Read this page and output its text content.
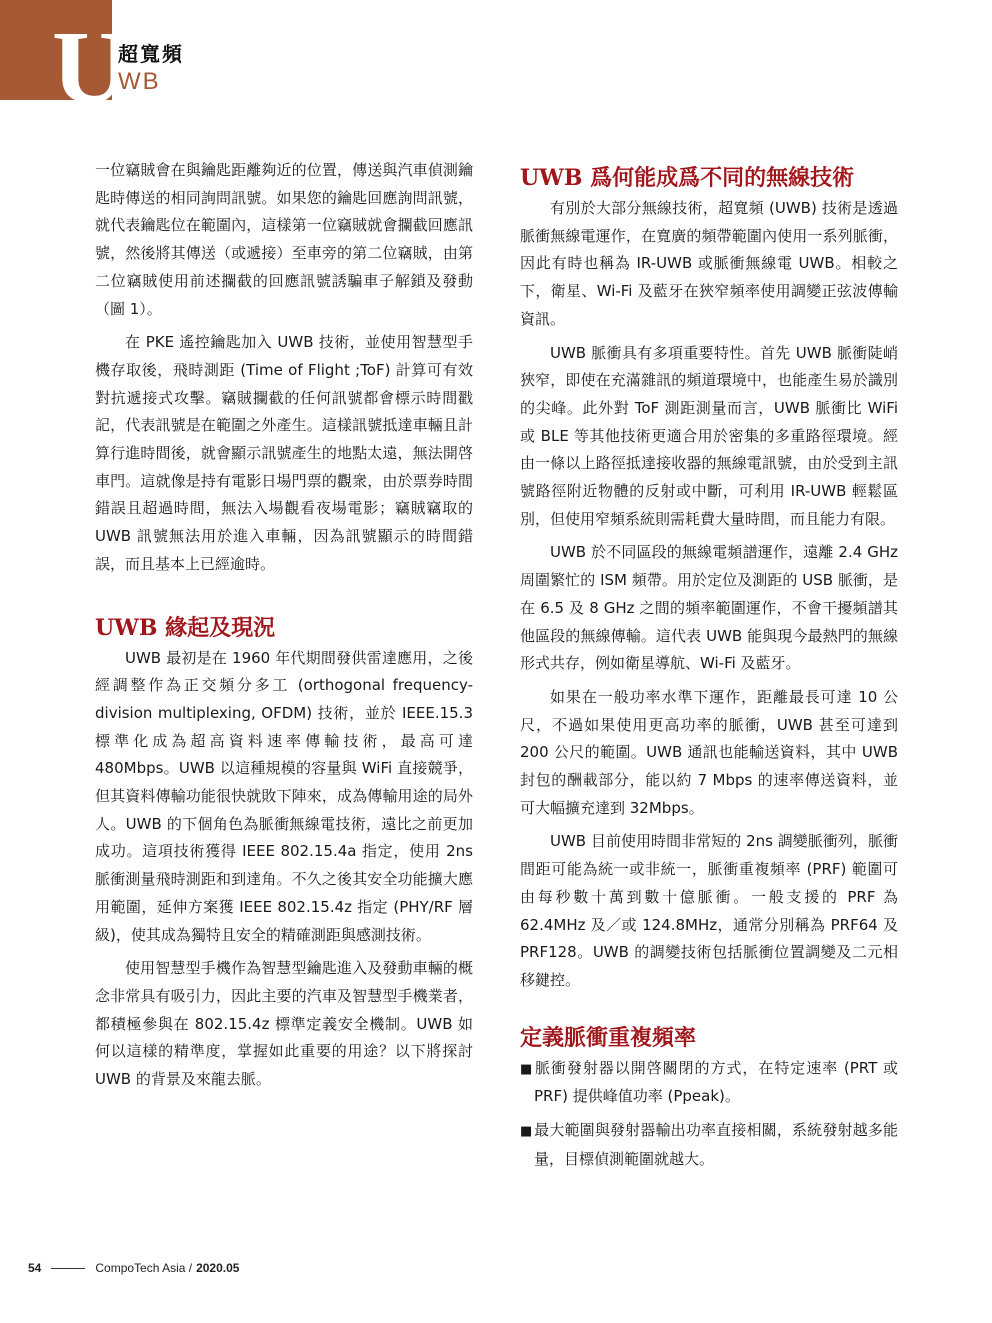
U
超寬頻
WB

一位竊賊會在與鑰匙距離夠近的位置，傳送與汽車偵測鑰匙時傳送的相同詢問訊號。如果您的鑰匙回應詢問訊號，就代表鑰匙位在範圍內，這樣第一位竊賊就會攔截回應訊號，然後將其傳送（或遞接）至車旁的第二位竊賊，由第二位竊賊使用前述攔截的回應訊號誘騙車子解鎖及發動（圖 1）。

在 PKE 遙控鑰匙加入 UWB 技術，並使用智慧型手機存取後，飛時測距 (Time of Flight ;ToF) 計算可有效對抗遞接式攻擊。竊賊攔截的任何訊號都會標示時間戳記，代表訊號是在範圍之外產生。這樣訊號抵達車輛且計算行進時間後，就會顯示訊號產生的地點太遠，無法開啓車門。這就像是持有電影日場門票的觀衆，由於票券時間錯誤且超過時間，無法入場觀看夜場電影；竊賊竊取的 UWB 訊號無法用於進入車輛，因為訊號顯示的時間錯誤，而且基本上已經逾時。

UWB 緣起及現況

UWB 最初是在 1960 年代期間發供雷達應用，之後經調整作為正交頻分多工 (orthogonal frequency-division multiplexing, OFDM) 技術，並於 IEEE.15.3 標準化成為超高資料速率傳輸技術，最高可達 480Mbps。UWB 以這種規模的容量與 WiFi 直接競爭，但其資料傳輸功能很快就敗下陣來，成為傳輸用途的局外人。UWB 的下個角色為脈衝無線電技術，遠比之前更加成功。這項技術獲得 IEEE 802.15.4a 指定，使用 2ns 脈衝測量飛時測距和到達角。不久之後其安全功能擴大應用範圍，延伸方案獲 IEEE 802.15.4z 指定 (PHY/RF 層級)，使其成為獨特且安全的精確測距與感測技術。

使用智慧型手機作為智慧型鑰匙進入及發動車輛的概念非常具有吸引力，因此主要的汽車及智慧型手機業者，都積極參與在 802.15.4z 標準定義安全機制。UWB 如何以這樣的精準度，掌握如此重要的用途？以下將探討 UWB 的背景及來龍去脈。

UWB 爲何能成爲不同的無線技術

有別於大部分無線技術，超寬頻 (UWB) 技術是透過脈衝無線電運作，在寬廣的頻帶範圍內使用一系列脈衝，因此有時也稱為 IR-UWB 或脈衝無線電 UWB。相較之下，衛星、Wi-Fi 及藍牙在狹窄頻率使用調變正弦波傳輸資訊。

UWB 脈衝具有多項重要特性。首先 UWB 脈衝陡峭狹窄，即使在充滿雜訊的頻道環境中，也能產生易於識別的尖峰。此外對 ToF 測距測量而言，UWB 脈衝比 WiFi 或 BLE 等其他技術更適合用於密集的多重路徑環境。經由一條以上路徑抵達接收器的無線電訊號，由於受到主訊號路徑附近物體的反射或中斷，可利用 IR-UWB 輕鬆區別，但使用窄頻系統則需耗費大量時間，而且能力有限。

UWB 於不同區段的無線電頻譜運作，遠離 2.4 GHz 周圍繁忙的 ISM 頻帶。用於定位及測距的 USB 脈衝，是在 6.5 及 8 GHz 之間的頻率範圍運作，不會干擾頻譜其他區段的無線傳輸。這代表 UWB 能與現今最熱門的無線形式共存，例如衛星導航、Wi-Fi 及藍牙。

如果在一般功率水準下運作，距離最長可達 10 公尺，不過如果使用更高功率的脈衝，UWB 甚至可達到 200 公尺的範圍。UWB 通訊也能輸送資料，其中 UWB 封包的酬載部分，能以約 7 Mbps 的速率傳送資料，並可大幅擴充達到 32Mbps。

UWB 目前使用時間非常短的 2ns 調變脈衝列，脈衝間距可能為統一或非統一，脈衝重複頻率 (PRF) 範圍可由每秒數十萬到數十億脈衝。一般支援的 PRF 為 62.4MHz 及／或 124.8MHz，通常分別稱為 PRF64 及 PRF128。UWB 的調變技術包括脈衝位置調變及二元相移鍵控。

定義脈衝重複頻率
■ 脈衝發射器以開啓關閉的方式，在特定速率 (PRT 或 PRF) 提供峰值功率 (Ppeak)。
■ 最大範圍與發射器輸出功率直接相關，系統發射越多能量，目標偵測範圍就越大。
54	CompoTech Asia / 2020.05
